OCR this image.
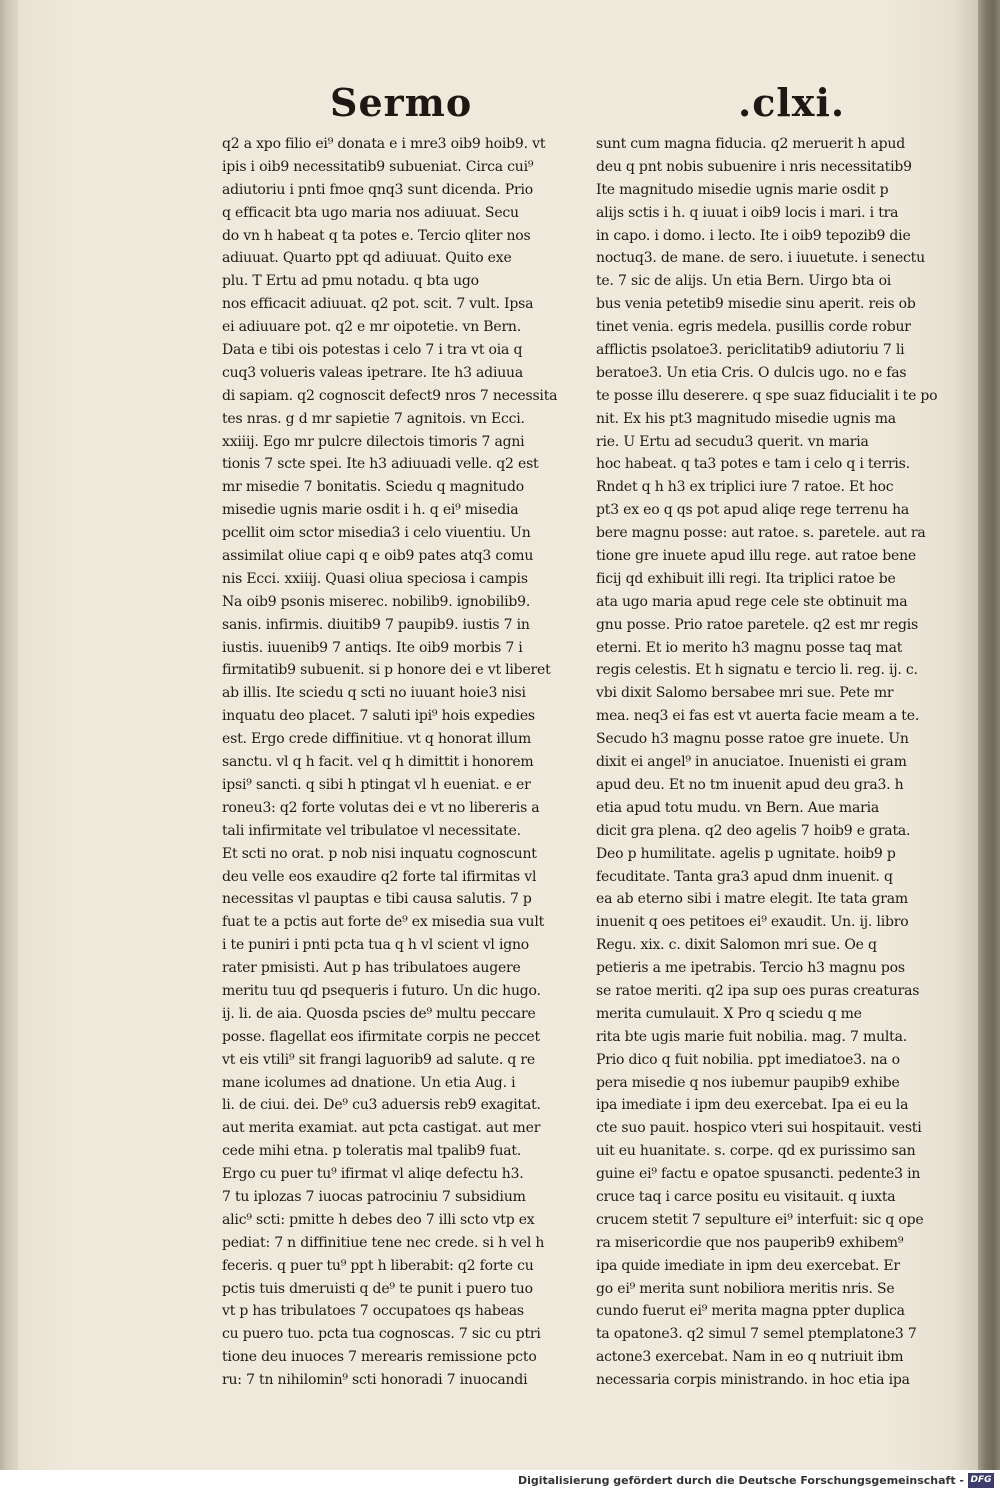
Sermo	.clxi.
q2 a xpo filio ei⁹ donata e i mre3 oib9 hoib9. vt
ipis i oib9 necessitatib9 subueniat. Circa cui⁹
adiutoriu i pnti fmoe qnq3 sunt dicenda. Prio
q efficacit bta ugo maria nos adiuuat. Secu
do vn h habeat q ta potes e. Tercio qliter nos
adiuuat. Quarto ppt qd adiuuat. Quito exe
plu. T Ertu ad pmu notadu. q bta ugo
nos efficacit adiuuat. q2 pot. scit. 7 vult. Ipsa
ei adiuuare pot. q2 e mr oipotetie. vn Bern.
Data e tibi ois potestas i celo 7 i tra vt oia q
cuq3 volueris valeas ipetrare. Ite h3 adiuua
di sapiam. q2 cognoscit defect9 nros 7 necessita
tes nras. g d mr sapietie 7 agnitois. vn Ecci.
xxiiij. Ego mr pulcre dilectois timoris 7 agni
tionis 7 scte spei. Ite h3 adiuuadi velle. q2 est
mr misedie 7 bonitatis. Sciedu q magnitudo
misedie ugnis marie osdit i h. q ei⁹ misedia
pcellit oim sctor misedia3 i celo viuentiu. Un
assimilat oliue capi q e oib9 pates atq3 comu
nis Ecci. xxiiij. Quasi oliua speciosa i campis
Na oib9 psonis miserec. nobilib9. ignobilib9.
sanis. infirmis. diuitib9 7 paupib9. iustis 7 in
iustis. iuuenib9 7 antiqs. Ite oib9 morbis 7 i
firmitatib9 subuenit. si p honore dei e vt liberet
ab illis. Ite sciedu q scti no iuuant hoie3 nisi
inquatu deo placet. 7 saluti ipi⁹ hois expedies
est. Ergo crede diffinitiue. vt q honorat illum
sanctu. vl q h facit. vel q h dimittit i honorem
ipsi⁹ sancti. q sibi h ptingat vl h eueniat. e er
roneu3: q2 forte volutas dei e vt no libereris a
tali infirmitate vel tribulatoe vl necessitate.
Et scti no orat. p nob nisi inquatu cognoscunt
deu velle eos exaudire q2 forte tal ifirmitas vl
necessitas vl pauptas e tibi causa salutis. 7 p
fuat te a pctis aut forte de⁹ ex misedia sua vult
i te puniri i pnti pcta tua q h vl scient vl igno
rater pmisisti. Aut p has tribulatoes augere
meritu tuu qd psequeris i futuro. Un dic hugo.
ij. li. de aia. Quosda pscies de⁹ multu peccare
posse. flagellat eos ifirmitate corpis ne peccet
vt eis vtili⁹ sit frangi laguorib9 ad salute. q re
mane icolumes ad dnatione. Un etia Aug. i
li. de ciui. dei. De⁹ cu3 aduersis reb9 exagitat.
aut merita examiat. aut pcta castigat. aut mer
cede mihi etna. p toleratis mal tpalib9 fuat.
Ergo cu puer tu⁹ ifirmat vl aliqe defectu h3.
7 tu iplozas 7 iuocas patrociniu 7 subsidium
alic⁹ scti: pmitte h debes deo 7 illi scto vtp ex
pediat: 7 n diffinitiue tene nec crede. si h vel h
feceris. q puer tu⁹ ppt h liberabit: q2 forte cu
pctis tuis dmeruisti q de⁹ te punit i puero tuo
vt p has tribulatoes 7 occupatoes qs habeas
cu puero tuo. pcta tua cognoscas. 7 sic cu ptri
tione deu inuoces 7 merearis remissione pcto
ru: 7 tn nihilomin⁹ scti honoradi 7 inuocandi
sunt cum magna fiducia. q2 meruerit h apud
deu q pnt nobis subuenire i nris necessitatib9
Ite magnitudo misedie ugnis marie osdit p
alijs sctis i h. q iuuat i oib9 locis i mari. i tra
in capo. i domo. i lecto. Ite i oib9 tepozib9 die
noctuq3. de mane. de sero. i iuuetute. i senectu
te. 7 sic de alijs. Un etia Bern. Uirgo bta oi
bus venia petetib9 misedie sinu aperit. reis ob
tinet venia. egris medela. pusillis corde robur
afflictis psolatoe3. periclitatib9 adiutoriu 7 li
beratoe3. Un etia Cris. O dulcis ugo. no e fas
te posse illu deserere. q spe suaz fiducialit i te po
nit. Ex his pt3 magnitudo misedie ugnis ma
rie. U Ertu ad secudu3 querit. vn maria
hoc habeat. q ta3 potes e tam i celo q i terris.
Rndet q h h3 ex triplici iure 7 ratoe. Et hoc
pt3 ex eo q qs pot apud aliqe rege terrenu ha
bere magnu posse: aut ratoe. s. paretele. aut ra
tione gre inuete apud illu rege. aut ratoe bene
ficij qd exhibuit illi regi. Ita triplici ratoe be
ata ugo maria apud rege cele ste obtinuit ma
gnu posse. Prio ratoe paretele. q2 est mr regis
eterni. Et io merito h3 magnu posse taq mat
regis celestis. Et h signatu e tercio li. reg. ij. c.
vbi dixit Salomo bersabee mri sue. Pete mr
mea. neq3 ei fas est vt auerta facie meam a te.
Secudo h3 magnu posse ratoe gre inuete. Un
dixit ei angel⁹ in anuciatoe. Inuenisti ei gram
apud deu. Et no tm inuenit apud deu gra3. h
etia apud totu mudu. vn Bern. Aue maria
dicit gra plena. q2 deo agelis 7 hoib9 e grata.
Deo p humilitate. agelis p ugnitate. hoib9 p
fecuditate. Tanta gra3 apud dnm inuenit. q
ea ab eterno sibi i matre elegit. Ite tata gram
inuenit q oes petitoes ei⁹ exaudit. Un. ij. libro
Regu. xix. c. dixit Salomon mri sue. Oe q
petieris a me ipetrabis. Tercio h3 magnu pos
se ratoe meriti. q2 ipa sup oes puras creaturas
merita cumulauit. X Pro q sciedu q me
rita bte ugis marie fuit nobilia. mag. 7 multa.
Prio dico q fuit nobilia. ppt imediatoe3. na o
pera misedie q nos iubemur paupib9 exhibe
ipa imediate i ipm deu exercebat. Ipa ei eu la
cte suo pauit. hospico vteri sui hospitauit. vesti
uit eu huanitate. s. corpe. qd ex purissimo san
guine ei⁹ factu e opatoe spusancti. pedente3 in
cruce taq i carce positu eu visitauit. q iuxta
crucem stetit 7 sepulture ei⁹ interfuit: sic q ope
ra misericordie que nos pauperib9 exhibem⁹
ipa quide imediate in ipm deu exercebat. Er
go ei⁹ merita sunt nobiliora meritis nris. Se
cundo fuerut ei⁹ merita magna ppter duplica
ta opatone3. q2 simul 7 semel ptemplatone3 7
actone3 exercebat. Nam in eo q nutriuit ibm
necessaria corpis ministrando. in hoc etia ipa
Digitalisierung gefördert durch die Deutsche Forschungsgemeinschaft - DFG
